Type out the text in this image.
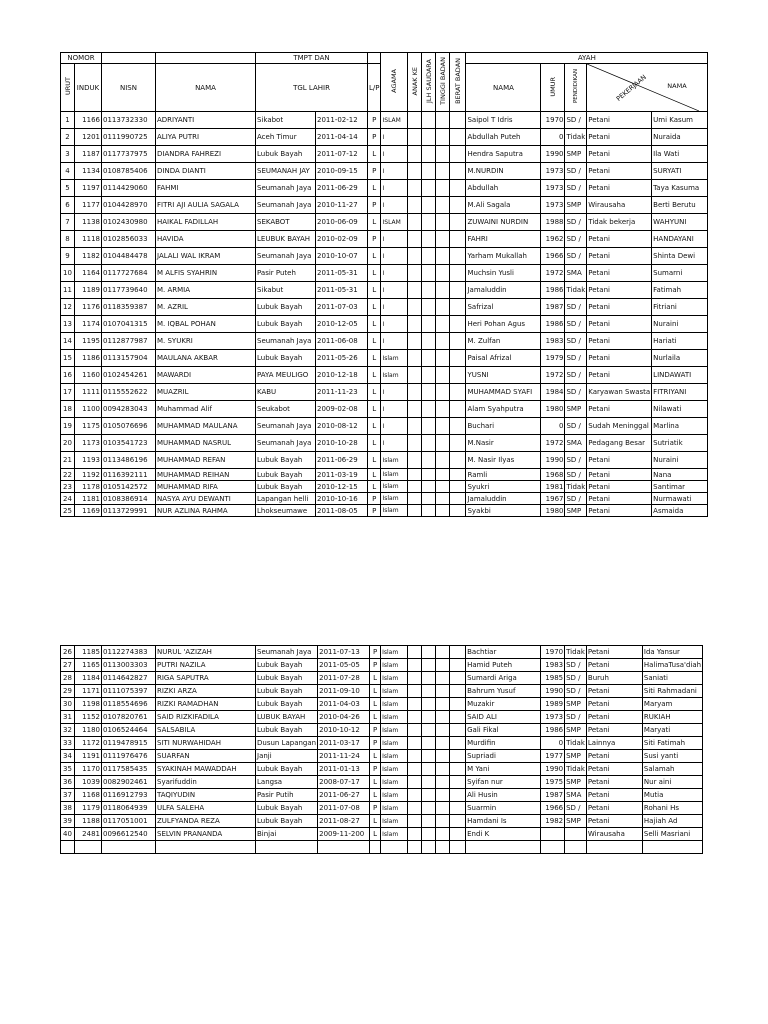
NOMOR				TMPT DAN			AGAMA	ANAK KE	JLH SAUDARA	TINGGI BADAN	BERAT BADAN	AYAH				
URUT	INDUK	NISN	NAMA	TGL LAHIR		L/P						NAMA	UMUR	PENDIDIKAN	PEKERJAAN NAMA	

1	1166	0113732330	ADRIYANTI	Sikabot	2011-02-12	P	ISLAM					Saipol T Idris	1970	SD /	Petani	Umi Kasum
2	1201	0111990725	ALIYA PUTRI	Aceh Timur	2011-04-14	P	I					Abdullah Puteh	0	Tidak	Petani	Nuraida
3	1187	0117737975	DIANDRA FAHREZI	Lubuk Bayah	2011-07-12	L	I					Hendra Saputra	1990	SMP	Petani	Ila Wati
4	1134	0108785406	DINDA DIANTI	SEUMANAH JAY	2010-09-15	P	I					M.NURDIN	1973	SD /	Petani	SURYATI
5	1197	0114429060	FAHMI	Seumanah Jaya	2011-06-29	L	I					Abdullah	1973	SD /	Petani	Taya Kasuma
6	1177	0104428970	FITRI AJI AULIA SAGALA	Seumanah Jaya	2010-11-27	P	I					M.Ali Sagala	1973	SMP	Wirausaha	Berti Berutu
7	1138	0102430980	HAIKAL FADILLAH	SEKABOT	2010-06-09	L	ISLAM					ZUWAINI NURDIN	1988	SD /	Tidak bekerja	WAHYUNI
8	1118	0102856033	HAVIDA	LEUBUK BAYAH	2010-02-09	P	I					FAHRI	1962	SD /	Petani	HANDAYANI
9	1182	0104484478	JALALI WAL IKRAM	Seumanah Jaya	2010-10-07	L	I					Yarham Mukallah	1966	SD /	Petani	Shinta Dewi
10	1164	0117727684	M ALFIS SYAHRIN	Pasir Puteh	2011-05-31	L	I					Muchsin Yusli	1972	SMA	Petani	Sumarni
11	1189	0117739640	M. ARMIA	Sikabut	2011-05-31	L	I					Jamaluddin	1986	Tidak	Petani	Fatimah
12	1176	0118359387	M. AZRIL	Lubuk Bayah	2011-07-03	L	I					Safrizal	1987	SD /	Petani	Fitriani
13	1174	0107041315	M. IQBAL POHAN	Lubuk Bayah	2010-12-05	L	I					Heri Pohan Agus	1986	SD /	Petani	Nuraini
14	1195	0112877987	M. SYUKRI	Seumanah Jaya	2011-06-08	L	I					M. Zulfan	1983	SD /	Petani	Hariati
15	1186	0113157904	MAULANA AKBAR	Lubuk Bayah	2011-05-26	L	Islam					Paisal Afrizal	1979	SD /	Petani	Nurlaila
16	1160	0102454261	MAWARDI	PAYA MEULIGO	2010-12-18	L	Islam					YUSNI	1972	SD /	Petani	LINDAWATI
17	1111	0115552622	MUAZRIL	KABU	2011-11-23	L	I					MUHAMMAD SYAFI	1984	SD /	Karyawan Swasta	FITRIYANI
18	1100	0094283043	Muhammad Alif	Seukabot	2009-02-08	L	I					Alam Syahputra	1980	SMP	Petani	Nilawati
19	1175	0105076696	MUHAMMAD MAULANA	Seumanah Jaya	2010-08-12	L	I					Buchari	0	SD /	Sudah Meninggal	Marlina
20	1173	0103541723	MUHAMMAD NASRUL	Seumanah Jaya	2010-10-28	L	I					M.Nasir	1972	SMA	Pedagang Besar	Sutriatik
21	1193	0113486196	MUHAMMAD REFAN	Lubuk Bayah	2011-06-29	L	Islam					M. Nasir Ilyas	1990	SD /	Petani	Nuraini
22	1192	0116392111	MUHAMMAD REIHAN	Lubuk Bayah	2011-03-19	L	Islam					Ramli	1968	SD /	Petani	Nana
23	1178	0105142572	MUHAMMAD RIFA	Lubuk Bayah	2010-12-15	L	Islam					Syukri	1981	Tidak	Petani	Santimar
24	1181	0108386914	NASYA AYU DEWANTI	Lapangan helli	2010-10-16	P	Islam					Jamaluddin	1967	SD /	Petani	Nurmawati
25	1169	0113729991	NUR AZLINA RAHMA	Lhokseumawe	2011-08-05	P	Islam					Syakbi	1980	SMP	Petani	Asmaida
26	1185	0112274383	NURUL 'AZIZAH	Seumanah Jaya	2011-07-13	P	Islam					Bachtiar	1970	Tidak	Petani	Ida Yansur
27	1165	0113003303	PUTRI NAZILA	Lubuk Bayah	2011-05-05	P	Islam					Hamid Puteh	1983	SD /	Petani	HalimaTusa'diah
28	1184	0114642827	RIGA SAPUTRA	Lubuk Bayah	2011-07-28	L	Islam					Sumardi Ariga	1985	SD /	Buruh	Saniati
29	1171	0111075397	RIZKI ARZA	Lubuk Bayah	2011-09-10	L	Islam					Bahrum Yusuf	1990	SD /	Petani	Siti Rahmadani
30	1198	0118554696	RIZKI RAMADHAN	Lubuk Bayah	2011-04-03	L	Islam					Muzakir	1989	SMP	Petani	Maryam
31	1152	0107820761	SAID RIZKIFADILA	LUBUK BAYAH	2010-04-26	L	Islam					SAID ALI	1973	SD /	Petani	RUKIAH
32	1180	0106524464	SALSABILA	Lubuk Bayah	2010-10-12	P	Islam					Gali Fikal	1986	SMP	Petani	Maryati
33	1172	0119478915	SITI NURWAHIDAH	Dusun Lapangan	2011-03-17	P	Islam					Murdifin	0	Tidak	Lainnya	Siti Fatimah
34	1191	0111976476	SUARFAN	Janji	2011-11-24	L	Islam					Supriadi	1977	SMP	Petani	Susi yanti
35	1170	0117585435	SYAKINAH MAWADDAH	Lubuk Bayah	2011-01-13	P	Islam					M Yani	1990	Tidak	Petani	Salamah
36	1039	0082902461	Syarifuddin	Langsa	2008-07-17	L	Islam					Syifan nur	1975	SMP	Petani	Nur aini
37	1168	0116912793	TAQIYUDIN	Pasir Putih	2011-06-27	L	Islam					Ali Husin	1987	SMA	Petani	Mutia
38	1179	0118064939	ULFA SALEHA	Lubuk Bayah	2011-07-08	P	Islam					Suarmin	1966	SD /	Petani	Rohani Hs
39	1188	0117051001	ZULFYANDA REZA	Lubuk Bayah	2011-08-27	L	Islam					Hamdani Is	1982	SMP	Petani	Hajiah Ad
40	2481	0096612540	SELVIN PRANANDA	Binjai	2009-11-200	L	Islam					Endi K			Wirausaha	Selli Masriani
